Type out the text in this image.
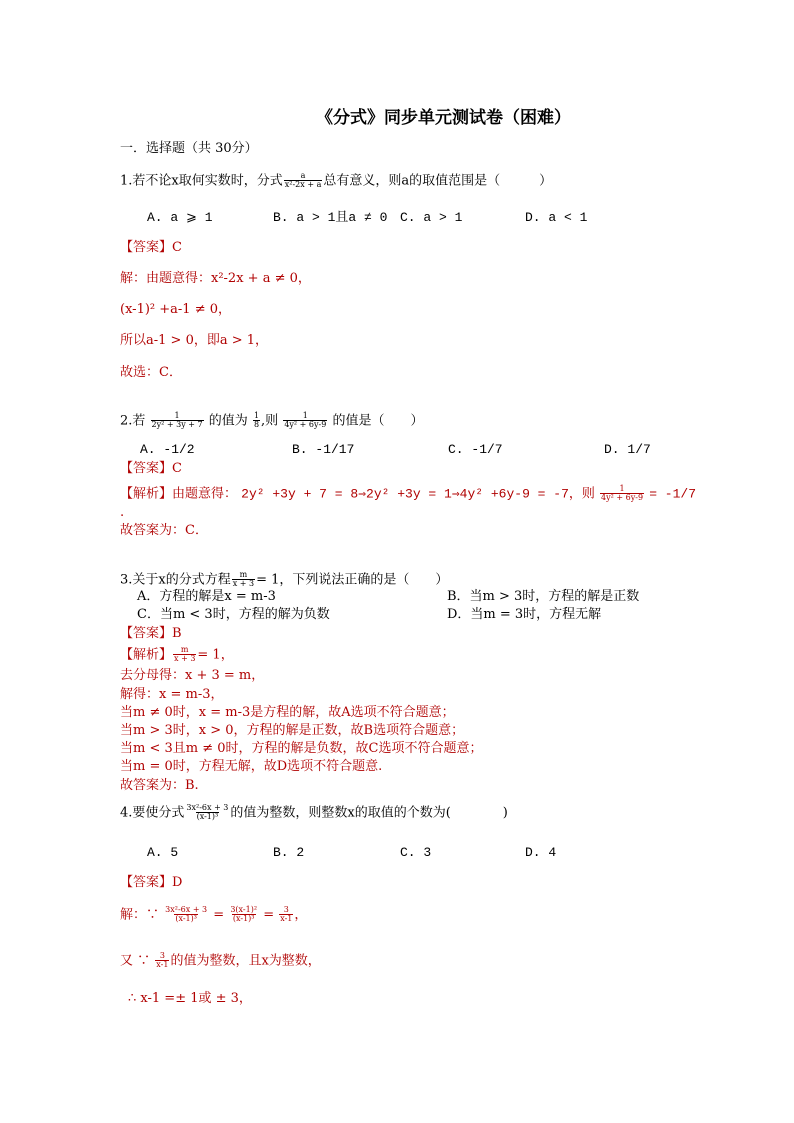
《分式》同步单元测试卷（困难）
一．选择题（共 30分）
1.若不论x取何实数时，分式 $\frac{a}{\text{x²-2x + a}}$ 总有意义，则a的取值范围是（　　　）
A. a ⩾ 1	B. a > 1且a ≠ 0 C. a > 1	D. a < 1
【答案】C
解：由题意得：x²-2x + a ≠ 0，
(x-1)² +a-1 ≠ 0，
所以a-1 > 0，即a > 1，
故选：C．
2.若 $\frac{1}{\text{2y² + 3y + 7}}$ 的值为 $\frac{1}{8}$ ,则 $\frac{1}{\text{4y² + 6y-9}}$ 的值是（　　）
A. -1/2	B. -1/17	C. -1/7	D. 1/7
【答案】C
【解析】由题意得： 2y² +3y + 7 = 8⇒2y² +3y = 1⇒4y² +6y-9 = -7，则 $\frac{1}{\text{4y² + 6y-9}} = -1/7$
.
故答案为：C．
3.关于x的分式方程 $\frac{m}{x + 3} = 1$，下列说法正确的是（　　）
A．方程的解是x = m-3	B．当m > 3时，方程的解是正数
C．当m < 3时，方程的解为负数	D．当m = 3时，方程无解
【答案】B
【解析】 $\frac{m}{x + 3} = 1$，
去分母得：x + 3 = m，
解得：x = m-3，
当m ≠ 0时，x = m-3是方程的解，故A选项不符合题意；
当m > 3时，x > 0，方程的解是正数，故B选项符合题意；
当m < 3且m ≠ 0时，方程的解是负数，故C选项不符合题意；
当m = 0时，方程无解，故D选项不符合题意.
故答案为：B.
4.要使分式 $\frac{\text{3x²-6x + 3}}{\text{(x-1)³}}$ 的值为整数，则整数x的取值的个数为(　　　　)
A. 5	B. 2	C. 3	D. 4
【答案】D
解：∵ $\frac{\text{3x²-6x + 3}}{\text{(x-1)³}} = \frac{\text{3(x-1)²}}{\text{(x-1)³}} = \frac{3}{x-1}$ ，
又 ∵ $\frac{3}{x-1}$ 的值为整数，且x为整数，
∴ x-1 =± 1或 ± 3，
